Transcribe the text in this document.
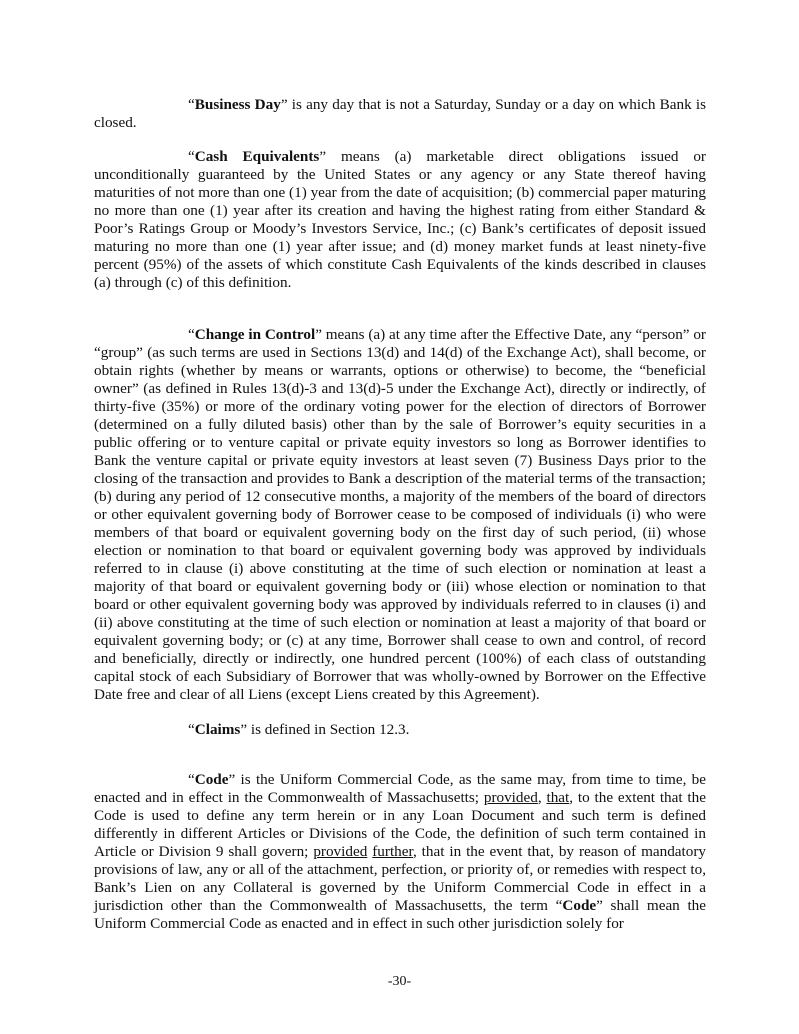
“Business Day” is any day that is not a Saturday, Sunday or a day on which Bank is closed.

“Cash Equivalents” means (a) marketable direct obligations issued or unconditionally guaranteed by the United States or any agency or any State thereof having maturities of not more than one (1) year from the date of acquisition; (b) commercial paper maturing no more than one (1) year after its creation and having the highest rating from either Standard & Poor’s Ratings Group or Moody’s Investors Service, Inc.; (c) Bank’s certificates of deposit issued maturing no more than one (1) year after issue; and (d) money market funds at least ninety-five percent (95%) of the assets of which constitute Cash Equivalents of the kinds described in clauses (a) through (c) of this definition.

“Change in Control” means (a) at any time after the Effective Date, any “person” or “group” (as such terms are used in Sections 13(d) and 14(d) of the Exchange Act), shall become, or obtain rights (whether by means or warrants, options or otherwise) to become, the “beneficial owner” (as defined in Rules 13(d)-3 and 13(d)-5 under the Exchange Act), directly or indirectly, of thirty-five (35%) or more of the ordinary voting power for the election of directors of Borrower (determined on a fully diluted basis) other than by the sale of Borrower’s equity securities in a public offering or to venture capital or private equity investors so long as Borrower identifies to Bank the venture capital or private equity investors at least seven (7) Business Days prior to the closing of the transaction and provides to Bank a description of the material terms of the transaction; (b) during any period of 12 consecutive months, a majority of the members of the board of directors or other equivalent governing body of Borrower cease to be composed of individuals (i) who were members of that board or equivalent governing body on the first day of such period, (ii) whose election or nomination to that board or equivalent governing body was approved by individuals referred to in clause (i) above constituting at the time of such election or nomination at least a majority of that board or equivalent governing body or (iii) whose election or nomination to that board or other equivalent governing body was approved by individuals referred to in clauses (i) and (ii) above constituting at the time of such election or nomination at least a majority of that board or equivalent governing body; or (c) at any time, Borrower shall cease to own and control, of record and beneficially, directly or indirectly, one hundred percent (100%) of each class of outstanding capital stock of each Subsidiary of Borrower that was wholly-owned by Borrower on the Effective Date free and clear of all Liens (except Liens created by this Agreement).

“Claims” is defined in Section 12.3.

“Code” is the Uniform Commercial Code, as the same may, from time to time, be enacted and in effect in the Commonwealth of Massachusetts; provided, that, to the extent that the Code is used to define any term herein or in any Loan Document and such term is defined differently in different Articles or Divisions of the Code, the definition of such term contained in Article or Division 9 shall govern; provided further, that in the event that, by reason of mandatory provisions of law, any or all of the attachment, perfection, or priority of, or remedies with respect to, Bank’s Lien on any Collateral is governed by the Uniform Commercial Code in effect in a jurisdiction other than the Commonwealth of Massachusetts, the term “Code” shall mean the Uniform Commercial Code as enacted and in effect in such other jurisdiction solely for

-30-
